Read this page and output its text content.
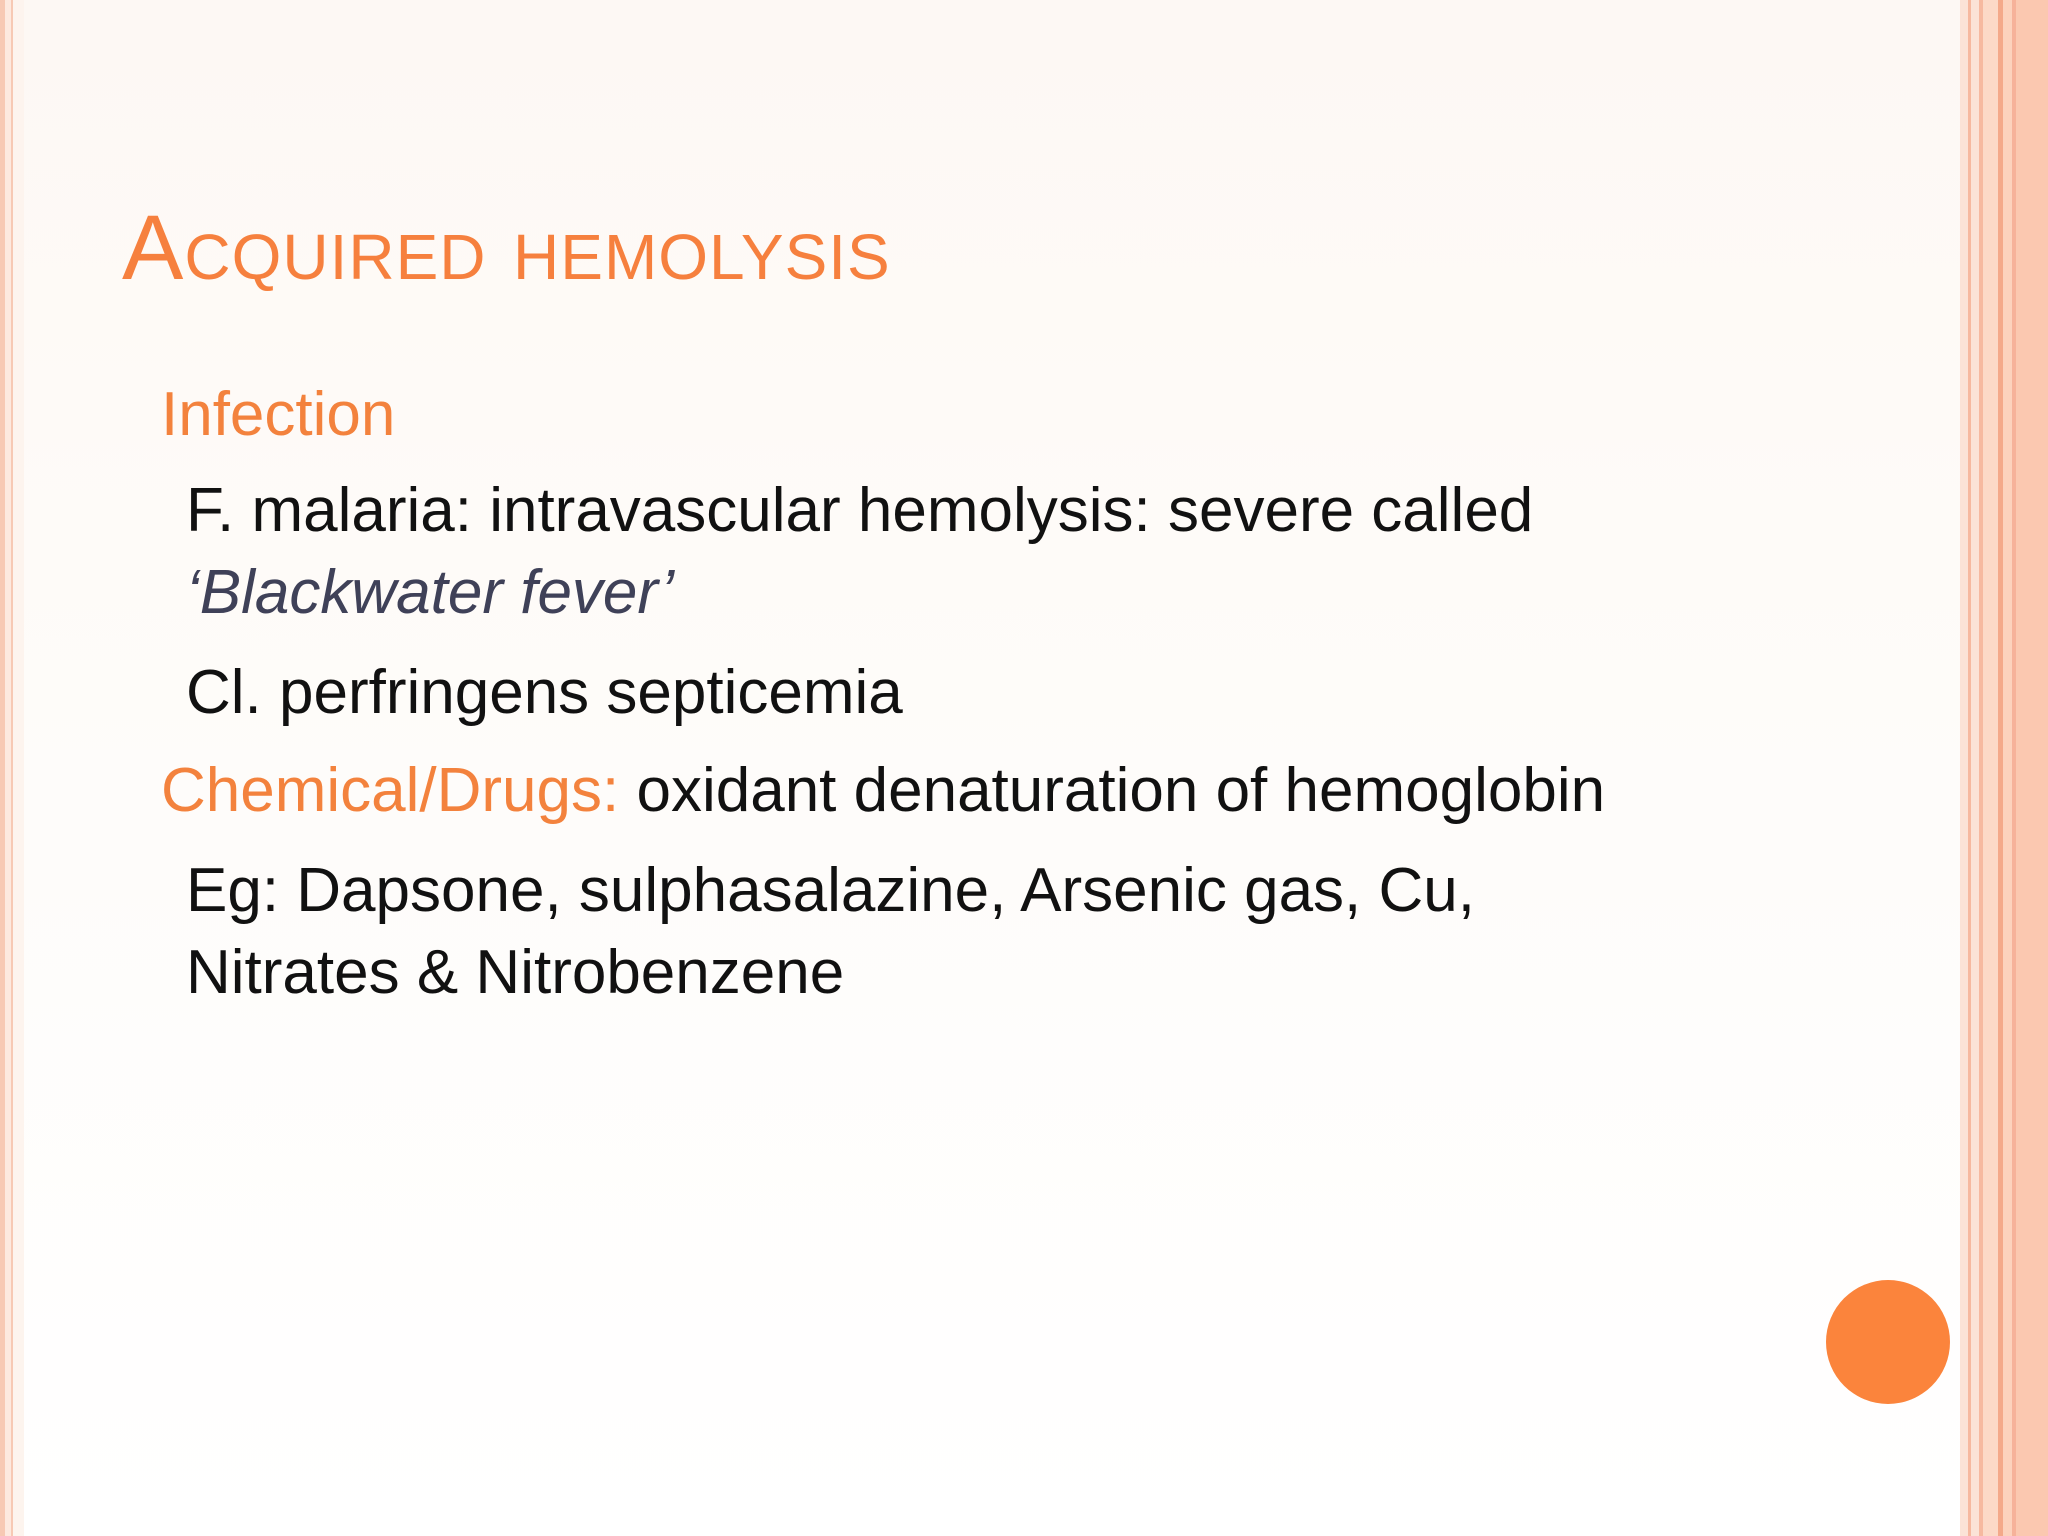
Acquired hemolysis

Infection

F. malaria: intravascular hemolysis: severe called

‘Blackwater fever’

Cl. perfringens septicemia

Chemical/Drugs: oxidant denaturation of hemoglobin

Eg: Dapsone, sulphasalazine, Arsenic gas, Cu,

Nitrates & Nitrobenzene
